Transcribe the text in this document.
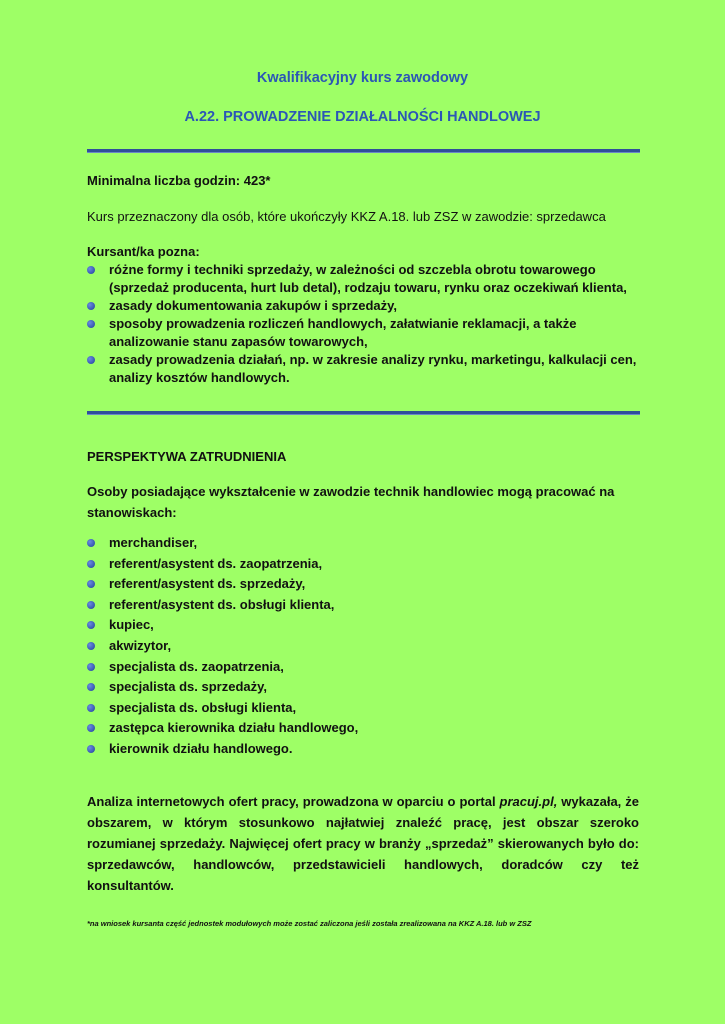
Kwalifikacyjny kurs zawodowy
A.22. PROWADZENIE DZIAŁALNOŚCI HANDLOWEJ
Minimalna liczba godzin: 423*
Kurs przeznaczony dla osób, które ukończyły KKZ A.18. lub ZSZ w zawodzie: sprzedawca
Kursant/ka pozna:
różne formy i techniki sprzedaży, w zależności od szczebla obrotu towarowego
(sprzedaż producenta, hurt lub detal), rodzaju towaru, rynku oraz oczekiwań klienta,
zasady dokumentowania zakupów i sprzedaży,
sposoby prowadzenia rozliczeń handlowych, załatwianie reklamacji, a także
analizowanie stanu zapasów towarowych,
zasady prowadzenia działań, np. w zakresie analizy rynku, marketingu, kalkulacji cen,
analizy kosztów handlowych.
PERSPEKTYWA ZATRUDNIENIA
Osoby posiadające wykształcenie w zawodzie technik handlowiec mogą pracować na
stanowiskach:
merchandiser,
referent/asystent ds. zaopatrzenia,
referent/asystent ds. sprzedaży,
referent/asystent ds. obsługi klienta,
kupiec,
akwizytor,
specjalista ds. zaopatrzenia,
specjalista ds. sprzedaży,
specjalista ds. obsługi klienta,
zastępca kierownika działu handlowego,
kierownik działu handlowego.
Analiza internetowych ofert pracy, prowadzona w oparciu o portal pracuj.pl, wykazała, że obszarem, w którym stosunkowo najłatwiej znaleźć pracę, jest obszar szeroko rozumianej sprzedaży. Najwięcej ofert pracy w branży „sprzedaż” skierowanych było do: sprzedawców, handlowców, przedstawicieli handlowych, doradców czy też konsultantów.
*na wniosek kursanta część jednostek modułowych może zostać zaliczona jeśli została zrealizowana na KKZ A.18. lub w ZSZ
